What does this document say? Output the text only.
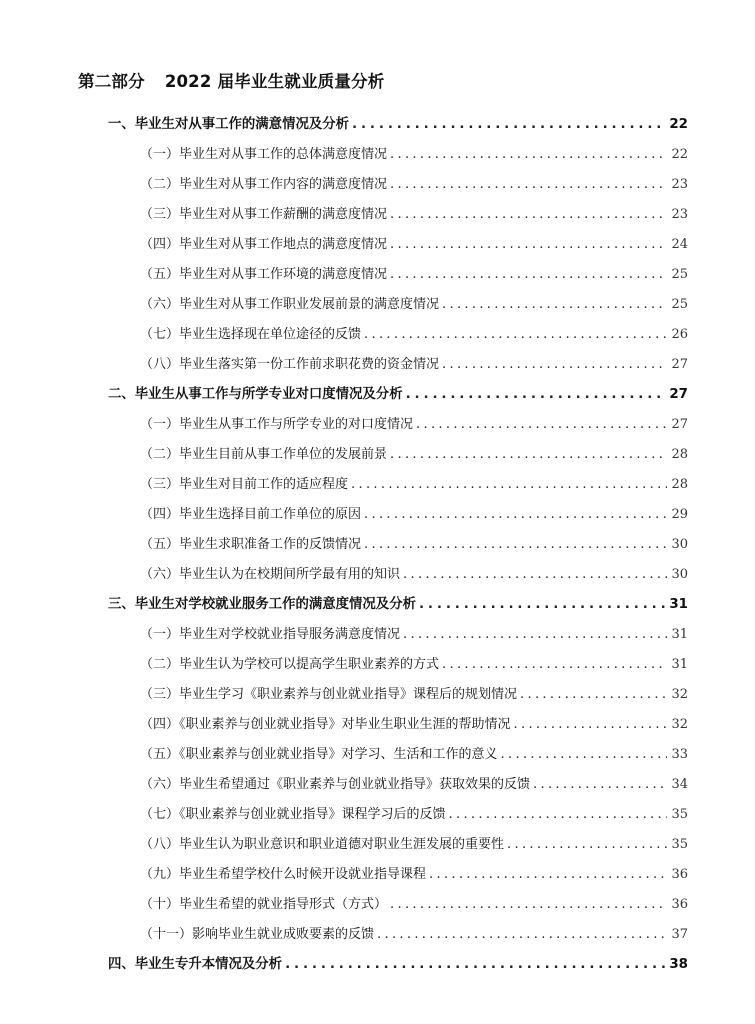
第二部分 2022 届毕业生就业质量分析
一、毕业生对从事工作的满意情况及分析 . . .	22
（一）毕业生对从事工作的总体满意度情况 . . .	22
（二）毕业生对从事工作内容的满意度情况 . . .	23
（三）毕业生对从事工作薪酬的满意度情况 . . .	23
（四）毕业生对从事工作地点的满意度情况 . . .	24
（五）毕业生对从事工作环境的满意度情况 . . .	25
（六）毕业生对从事工作职业发展前景的满意度情况 . . .	25
（七）毕业生选择现在单位途径的反馈 . . .	26
（八）毕业生落实第一份工作前求职花费的资金情况 . . .	27
二、毕业生从事工作与所学专业对口度情况及分析 . . .	27
（一）毕业生从事工作与所学专业的对口度情况 . . .	27
（二）毕业生目前从事工作单位的发展前景 . . .	28
（三）毕业生对目前工作的适应程度 . . .	28
（四）毕业生选择目前工作单位的原因 . . .	29
（五）毕业生求职准备工作的反馈情况 . . .	30
（六）毕业生认为在校期间所学最有用的知识 . . .	30
三、毕业生对学校就业服务工作的满意度情况及分析 . . .	31
（一）毕业生对学校就业指导服务满意度情况 . . .	31
（二）毕业生认为学校可以提高学生职业素养的方式 . . .	31
（三）毕业生学习《职业素养与创业就业指导》课程后的规划情况 . . .	32
（四）《职业素养与创业就业指导》对毕业生职业生涯的帮助情况 . . .	32
（五）《职业素养与创业就业指导》对学习、生活和工作的意义 . . .	33
（六）毕业生希望通过《职业素养与创业就业指导》获取效果的反馈 . . .	34
（七）《职业素养与创业就业指导》课程学习后的反馈 . . .	35
（八）毕业生认为职业意识和职业道德对职业生涯发展的重要性 . . .	35
（九）毕业生希望学校什么时候开设就业指导课程 . . .	36
（十）毕业生希望的就业指导形式（方式） . . .	36
（十一）影响毕业生就业成败要素的反馈 . . .	37
四、毕业生专升本情况及分析 . . .	38
